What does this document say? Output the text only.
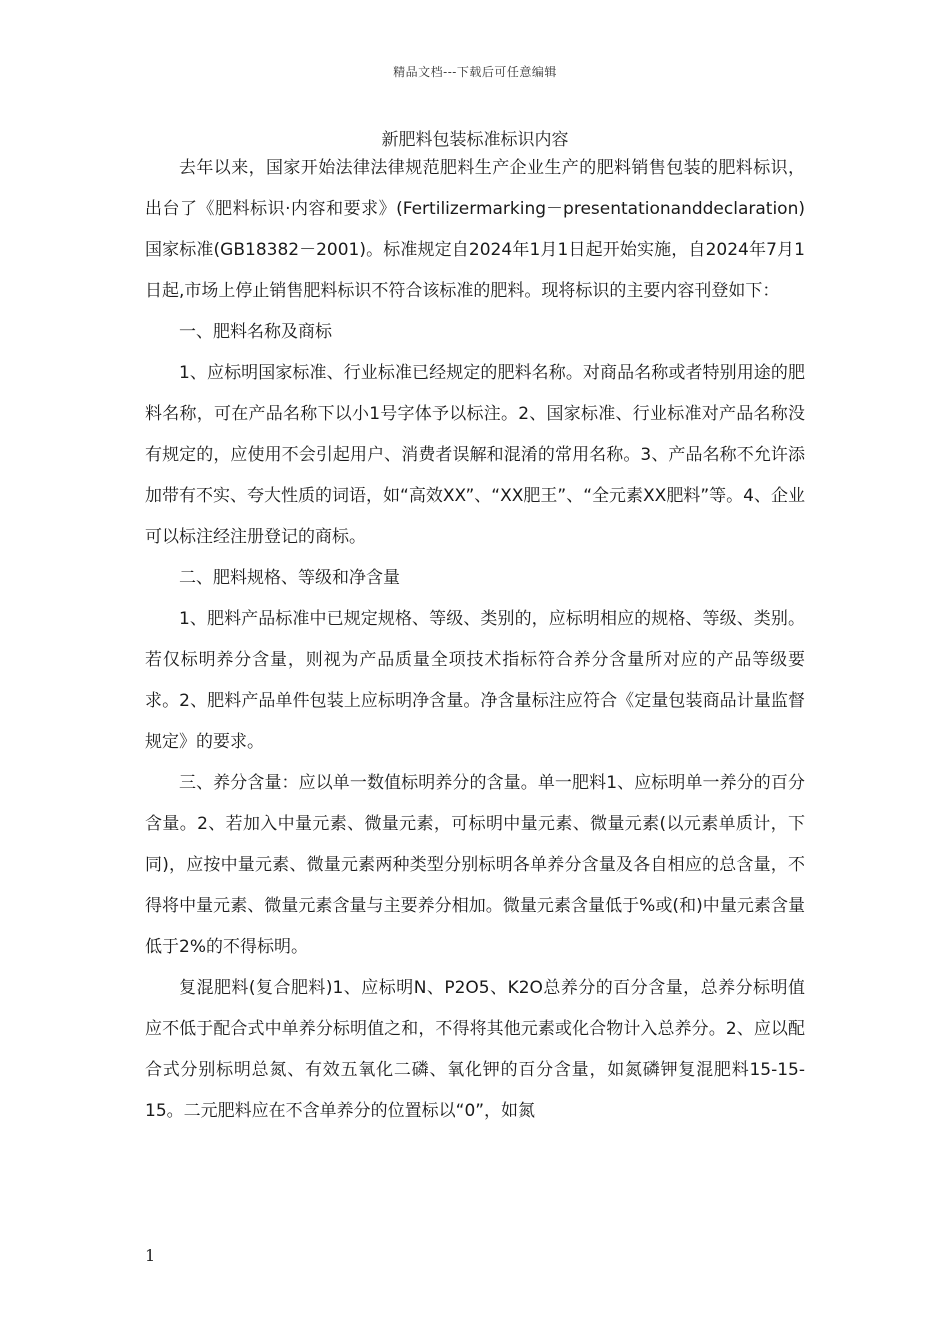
精品文档---下载后可任意编辑
新肥料包装标准标识内容

去年以来，国家开始法律法律规范肥料生产企业生产的肥料销售包装的肥料标识，出台了《肥料标识·内容和要求》(Fertilizermarking－presentationanddeclaration)国家标准(GB18382－2001)。标准规定自2024年1月1日起开始实施，自2024年7月1日起,市场上停止销售肥料标识不符合该标准的肥料。现将标识的主要内容刊登如下：

一、肥料名称及商标

1、应标明国家标准、行业标准已经规定的肥料名称。对商品名称或者特别用途的肥料名称，可在产品名称下以小1号字体予以标注。2、国家标准、行业标准对产品名称没有规定的，应使用不会引起用户、消费者误解和混淆的常用名称。3、产品名称不允许添加带有不实、夸大性质的词语，如“高效XX”、“XX肥王”、“全元素XX肥料”等。4、企业可以标注经注册登记的商标。

二、肥料规格、等级和净含量

1、肥料产品标准中已规定规格、等级、类别的，应标明相应的规格、等级、类别。若仅标明养分含量，则视为产品质量全项技术指标符合养分含量所对应的产品等级要求。2、肥料产品单件包装上应标明净含量。净含量标注应符合《定量包装商品计量监督规定》的要求。

三、养分含量：应以单一数值标明养分的含量。单一肥料1、应标明单一养分的百分含量。2、若加入中量元素、微量元素，可标明中量元素、微量元素(以元素单质计，下同)，应按中量元素、微量元素两种类型分别标明各单养分含量及各自相应的总含量，不得将中量元素、微量元素含量与主要养分相加。微量元素含量低于%或(和)中量元素含量低于2%的不得标明。

复混肥料(复合肥料)1、应标明N、P2O5、K2O总养分的百分含量，总养分标明值应不低于配合式中单养分标明值之和，不得将其他元素或化合物计入总养分。2、应以配合式分别标明总氮、有效五氧化二磷、氧化钾的百分含量，如氮磷钾复混肥料15-15-15。二元肥料应在不含单养分的位置标以“0”，如氮

1
